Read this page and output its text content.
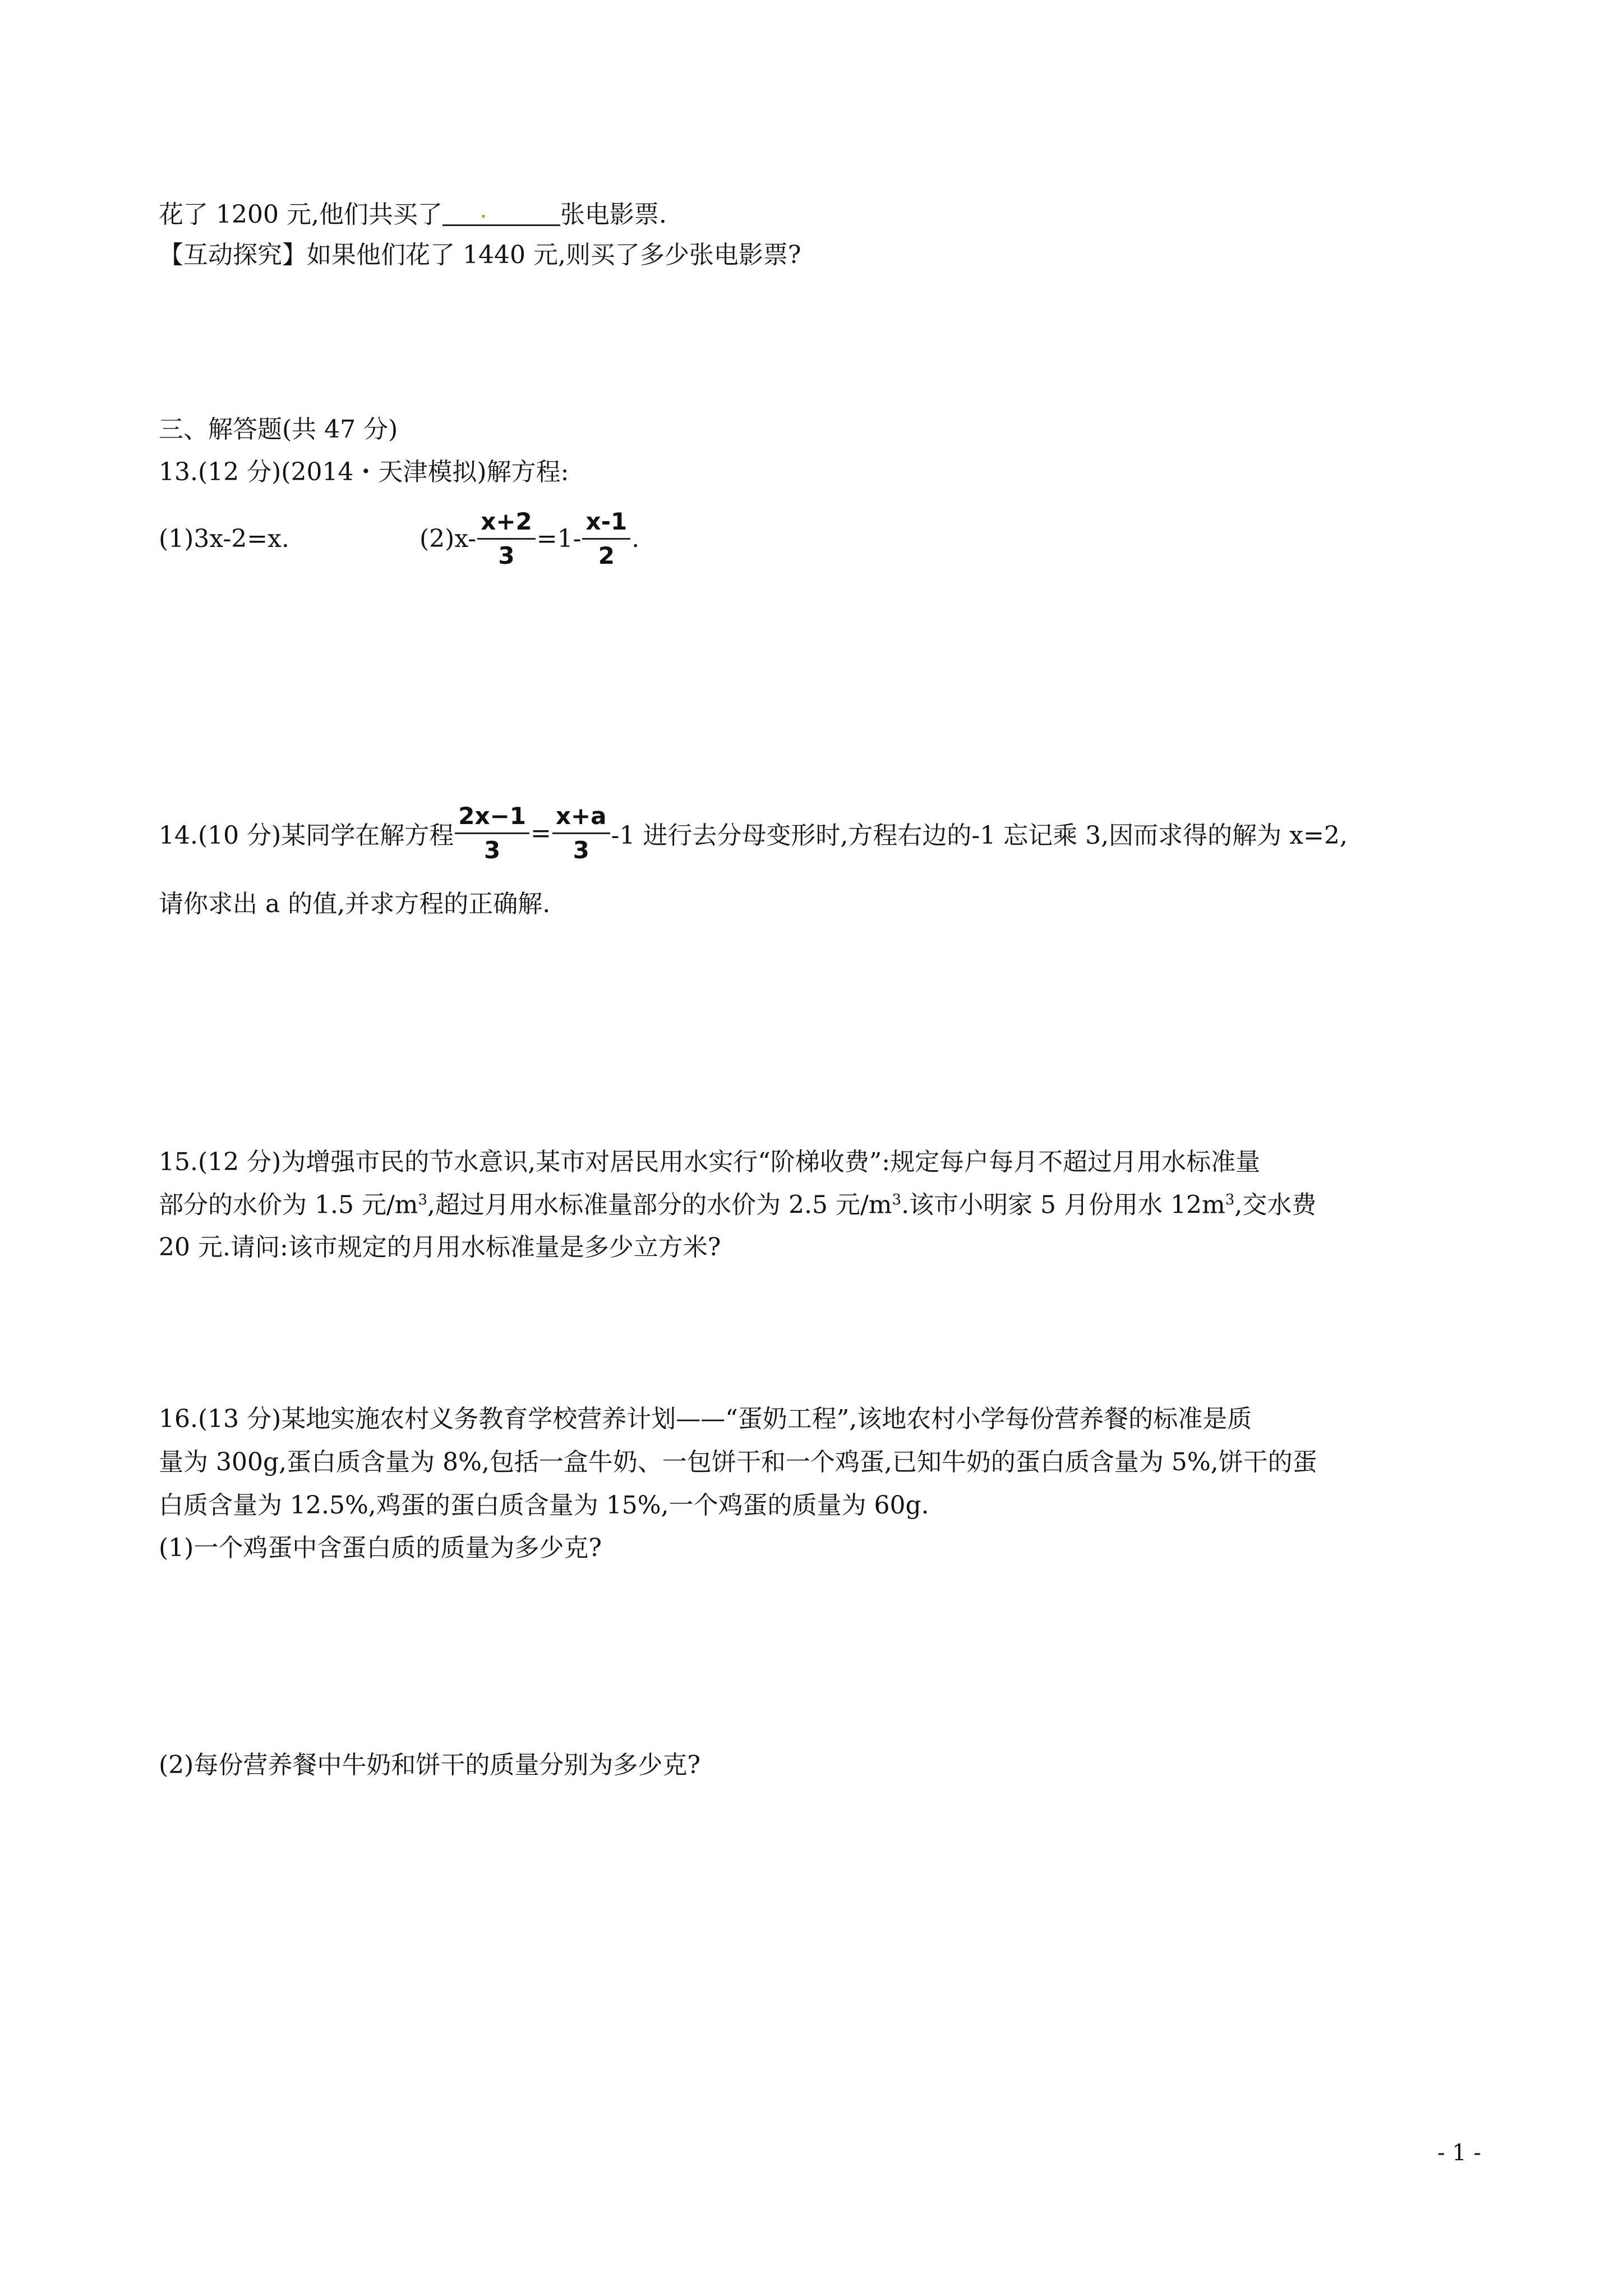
花了 1200 元,他们共买了 .	张电影票.
【互动探究】如果他们花了 1440 元,则买了多少张电影票?
三、解答题(共 47 分)
13.(12 分)(2014・天津模拟)解方程:
(1)3x-2=x.	$(2)x- \frac{x+2}{3} =1- \frac{x-1}{2}$ .
14.(10 分)某同学在解方程 $\frac{2x-1}{3} = \frac{x+a}{3} -1$ 进行去分母变形时,方程右边的-1 忘记乘 3,因而求得的解为 x=2,
请你求出 a 的值,并求方程的正确解.
15.(12 分)为增强市民的节水意识,某市对居民用水实行“阶梯收费”:规定每户每月不超过月用水标准量
部分的水价为 1.5 元$/m^3$,超过月用水标准量部分的水价为 2.5 元$/m^3$.该市小明家 5 月份用水 $12m^3$,交水费
20 元.请问:该市规定的月用水标准量是多少立方米?
16.(13 分)某地实施农村义务教育学校营养计划——“蛋奶工程”,该地农村小学每份营养餐的标准是质
量为 300g,蛋白质含量为 8%,包括一盒牛奶、一包饼干和一个鸡蛋,已知牛奶的蛋白质含量为 5%,饼干的蛋
白质含量为 12.5%,鸡蛋的蛋白质含量为 15%,一个鸡蛋的质量为 60g.
(1)一个鸡蛋中含蛋白质的质量为多少克?
(2)每份营养餐中牛奶和饼干的质量分别为多少克?
- 1 -
